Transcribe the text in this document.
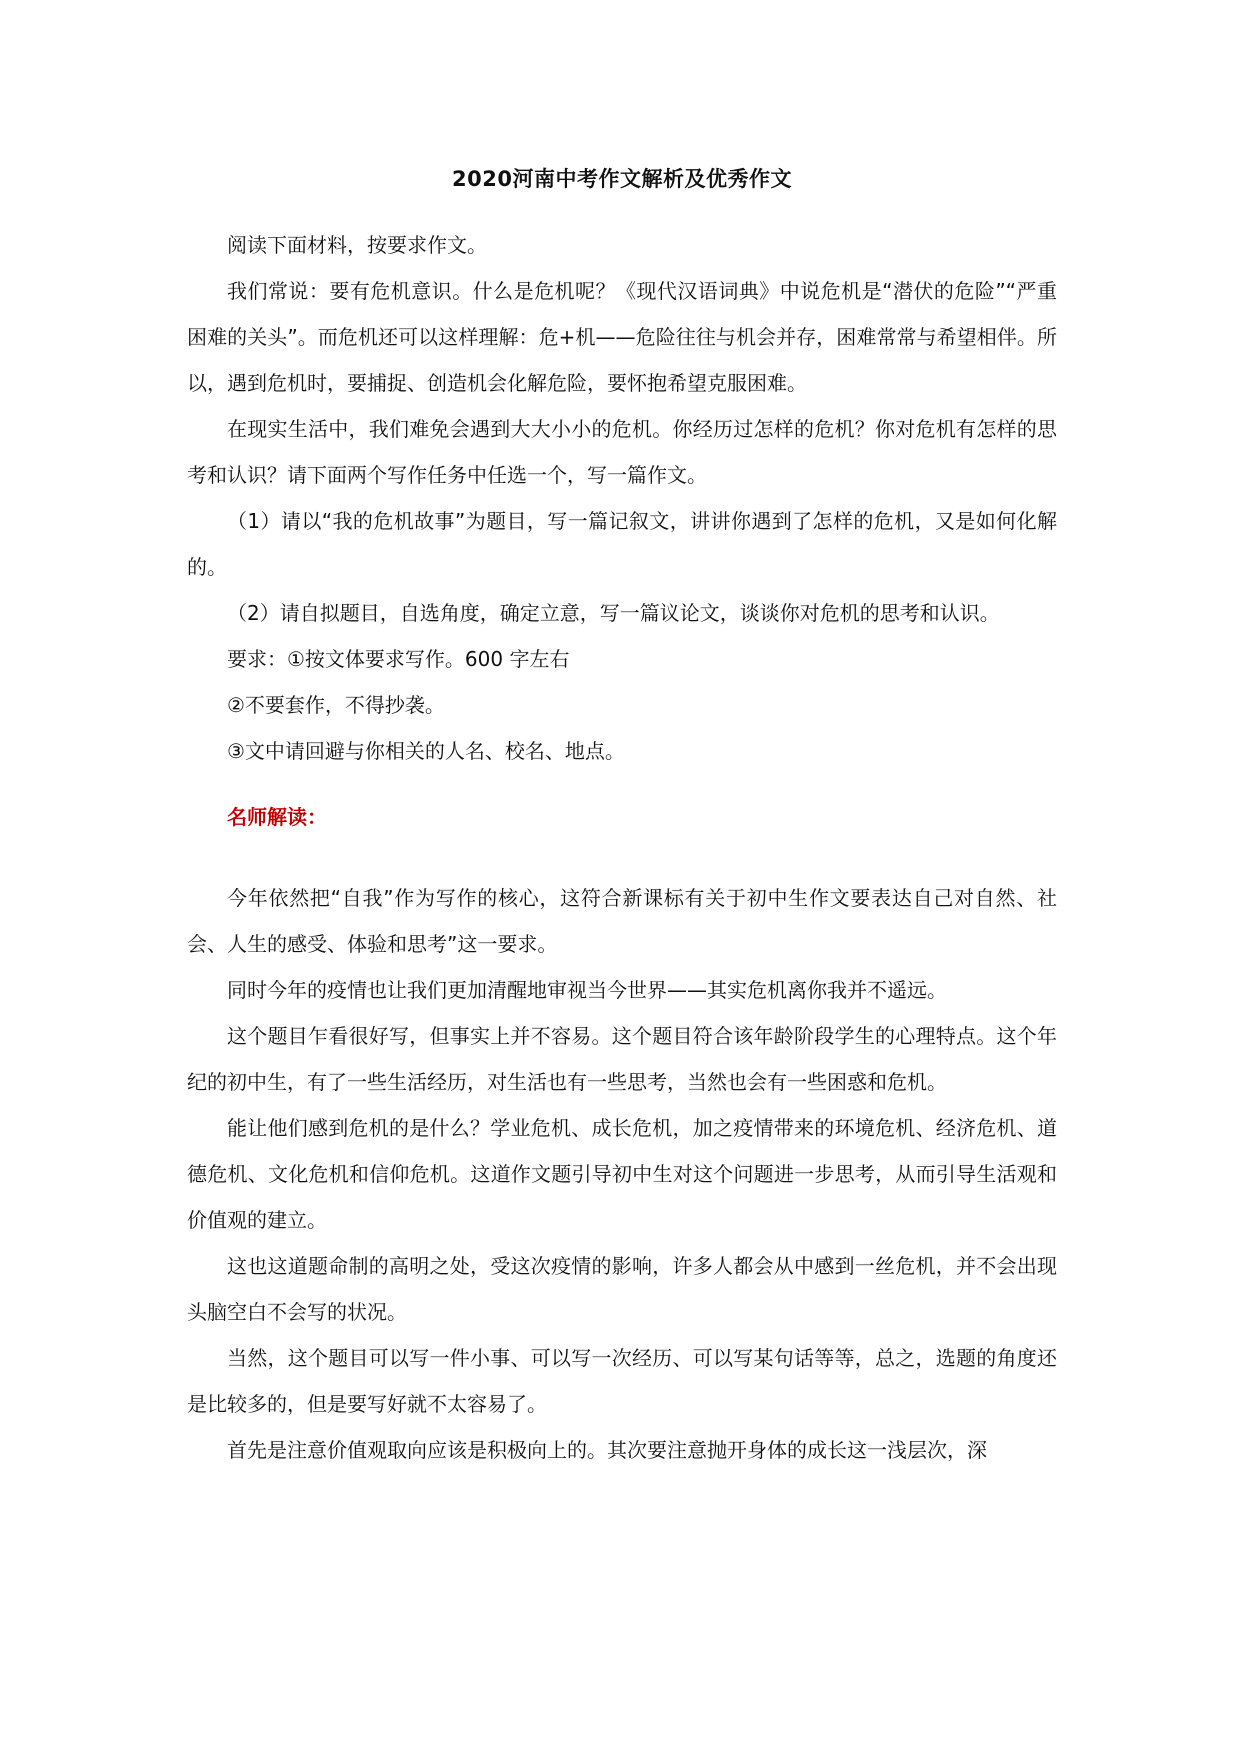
2020河南中考作文解析及优秀作文

阅读下面材料，按要求作文。

我们常说：要有危机意识。什么是危机呢？《现代汉语词典》中说危机是“潜伏的危险”“严重困难的关头”。而危机还可以这样理解：危+机——危险往往与机会并存，困难常常与希望相伴。所以，遇到危机时，要捕捉、创造机会化解危险，要怀抱希望克服困难。

在现实生活中，我们难免会遇到大大小小的危机。你经历过怎样的危机？你对危机有怎样的思考和认识？请下面两个写作任务中任选一个，写一篇作文。

（1）请以“我的危机故事”为题目，写一篇记叙文，讲讲你遇到了怎样的危机，又是如何化解的。

（2）请自拟题目，自选角度，确定立意，写一篇议论文，谈谈你对危机的思考和认识。

要求：①按文体要求写作。600 字左右

②不要套作，不得抄袭。

③文中请回避与你相关的人名、校名、地点。

名师解读：

今年依然把“自我”作为写作的核心，这符合新课标有关于初中生作文要表达自己对自然、社会、人生的感受、体验和思考”这一要求。

同时今年的疫情也让我们更加清醒地审视当今世界——其实危机离你我并不遥远。

这个题目乍看很好写，但事实上并不容易。这个题目符合该年龄阶段学生的心理特点。这个年纪的初中生，有了一些生活经历，对生活也有一些思考，当然也会有一些困惑和危机。

能让他们感到危机的是什么？学业危机、成长危机，加之疫情带来的环境危机、经济危机、道德危机、文化危机和信仰危机。这道作文题引导初中生对这个问题进一步思考，从而引导生活观和价值观的建立。

这也这道题命制的高明之处，受这次疫情的影响，许多人都会从中感到一丝危机，并不会出现头脑空白不会写的状况。

当然，这个题目可以写一件小事、可以写一次经历、可以写某句话等等，总之，选题的角度还是比较多的，但是要写好就不太容易了。

首先是注意价值观取向应该是积极向上的。其次要注意抛开身体的成长这一浅层次，深
